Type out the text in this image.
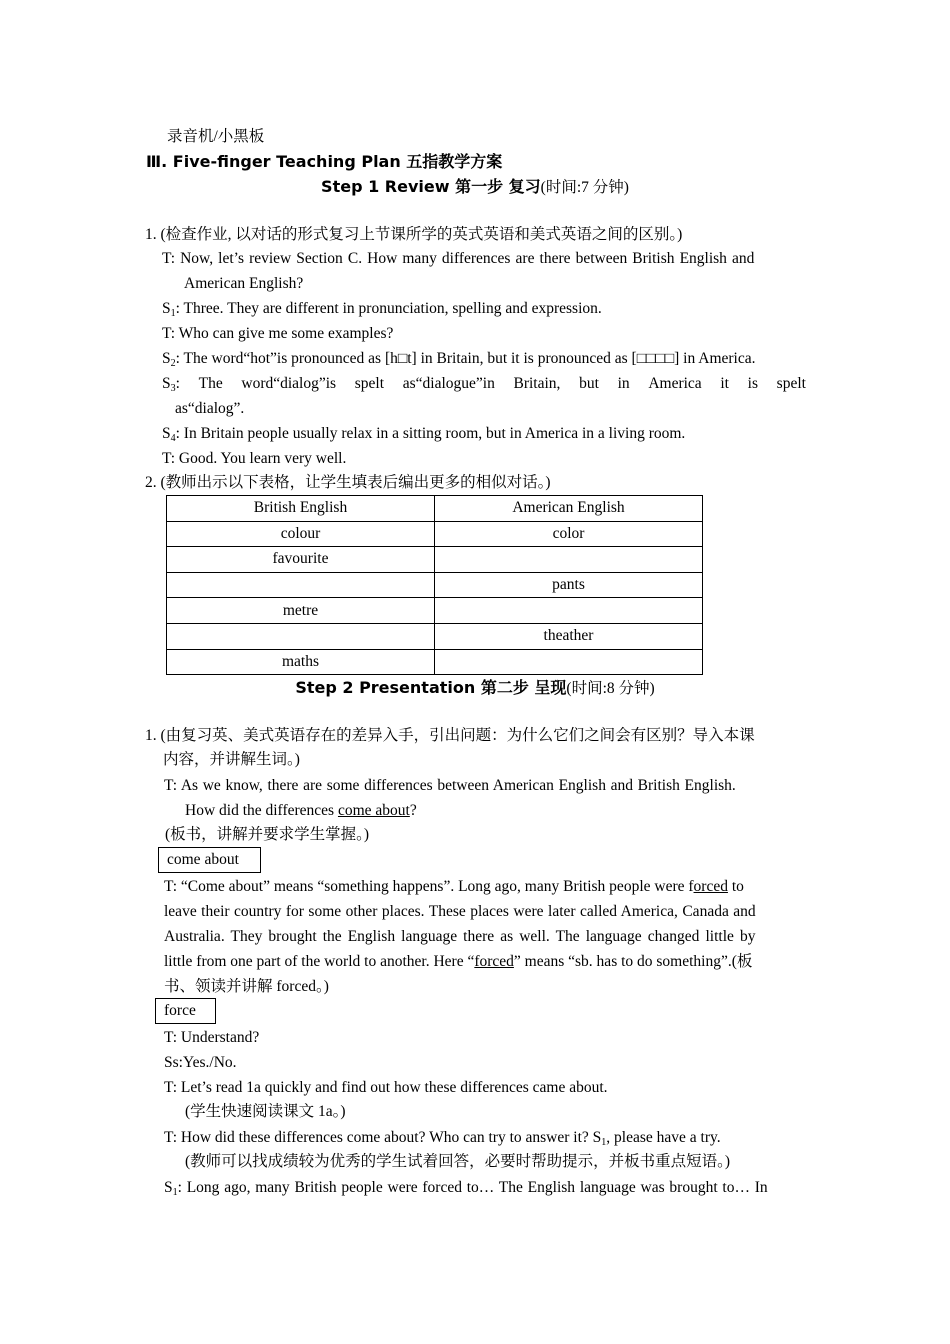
录音机/小黑板
Ⅲ. Five-finger Teaching Plan 五指教学方案
Step 1 Review 第一步 复习(时间:7 分钟)
1. (检查作业, 以对话的形式复习上节课所学的英式英语和美式英语之间的区别。)
T: Now, let’s review Section C. How many differences are there between British English and
American English?
$S_1$: Three. They are different in pronunciation, spelling and expression.
T: Who can give me some examples?
$S_2$: The word“hot”is pronounced as [h□t] in Britain, but it is pronounced as [□□□□] in America.
$S_3$: The word“dialog”is spelt as“dialogue”in Britain, but in America it is spelt
as“dialog”.
$S_4$: In Britain people usually relax in a sitting room, but in America in a living room.
T: Good. You learn very well.
2. (教师出示以下表格，让学生填表后编出更多的相似对话。)
British English	American English
colour	color
favourite	
	pants
metre	
	theather
maths	
Step 2 Presentation 第二步 呈现(时间:8 分钟)
1. (由复习英、美式英语存在的差异入手，引出问题：为什么它们之间会有区别？导入本课
内容，并讲解生词。)
T: As we know, there are some differences between American English and British English.
How did the differences come about?
(板书，讲解并要求学生掌握。)
come about
T: “Come about” means “something happens”. Long ago, many British people were forced to
leave their country for some other places. These places were later called America, Canada and
Australia. They brought the English language there as well. The language changed little by
little from one part of the world to another. Here “forced” means “sb. has to do something”.(板
书、领读并讲解 forced。)
force
T: Understand?
Ss:Yes./No.
T: Let’s read 1a quickly and find out how these differences came about.
(学生快速阅读课文 1a。)
T: How did these differences come about? Who can try to answer it? $S_1$, please have a try.
(教师可以找成绩较为优秀的学生试着回答，必要时帮助提示，并板书重点短语。)
$S_1$: Long ago, many British people were forced to… The English language was brought to… In
